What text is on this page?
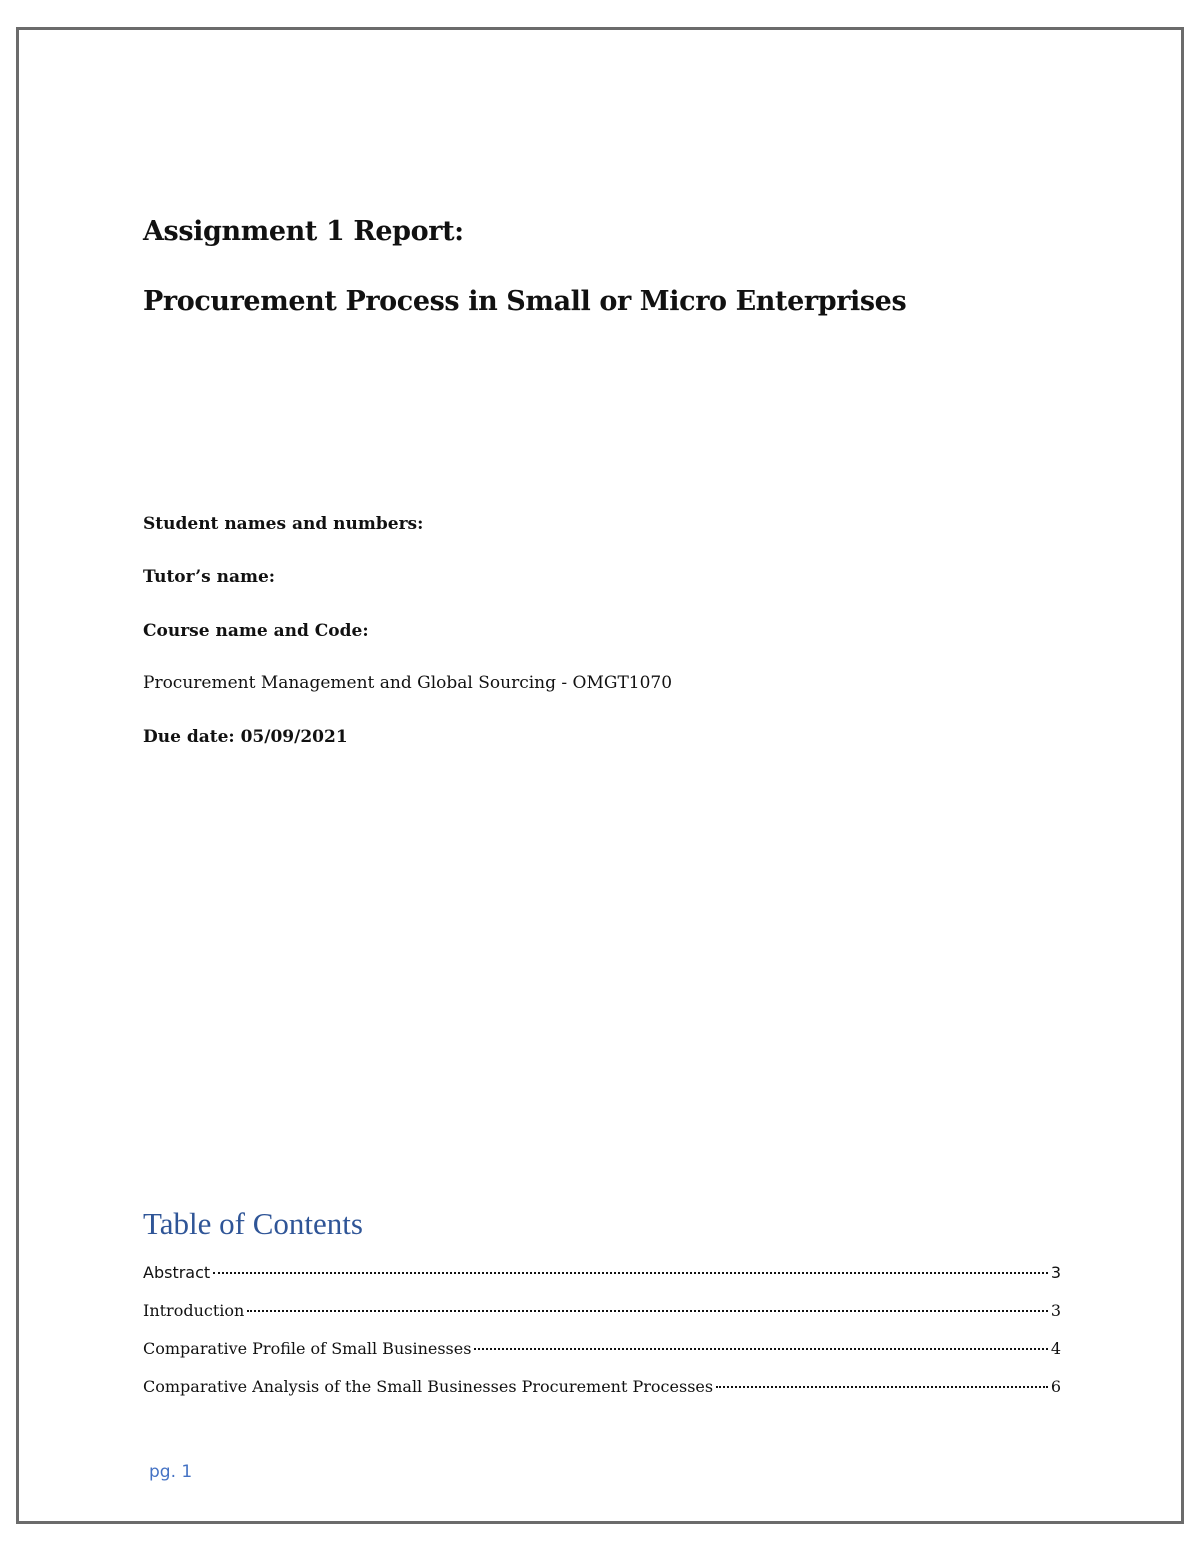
Assignment 1 Report:
Procurement Process in Small or Micro Enterprises
Student names and numbers:
Tutor’s name:
Course name and Code:
Procurement Management and Global Sourcing - OMGT1070
Due date: 05/09/2021
Table of Contents
Abstract	3
Introduction	3
Comparative Profile of Small Businesses	4
Comparative Analysis of the Small Businesses Procurement Processes	6
pg. 1
